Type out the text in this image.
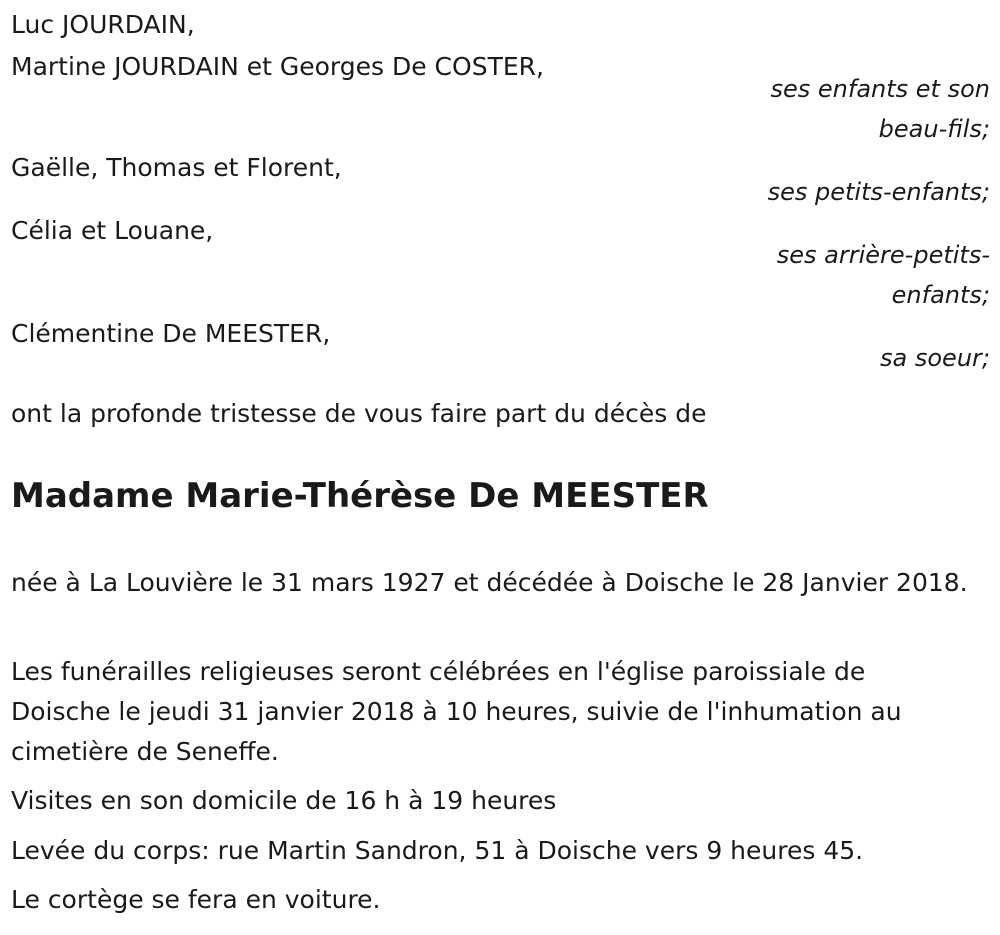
Luc JOURDAIN,
Martine JOURDAIN et Georges De COSTER,
ses enfants et son
beau-fils;
Gaëlle, Thomas et Florent,
ses petits-enfants;
Célia et Louane,
ses arrière-petits-
enfants;
Clémentine De MEESTER,
sa soeur;
ont la profonde tristesse de vous faire part du décès de
Madame Marie-Thérèse De MEESTER
née à La Louvière le 31 mars 1927 et décédée à Doische le 28 Janvier 2018.
Les funérailles religieuses seront célébrées en l'église paroissiale de Doische le jeudi 31 janvier 2018 à 10 heures, suivie de l'inhumation au cimetière de Seneffe.
Visites en son domicile de 16 h à 19 heures
Levée du corps: rue Martin Sandron, 51 à Doische vers 9 heures 45.
Le cortège se fera en voiture.
